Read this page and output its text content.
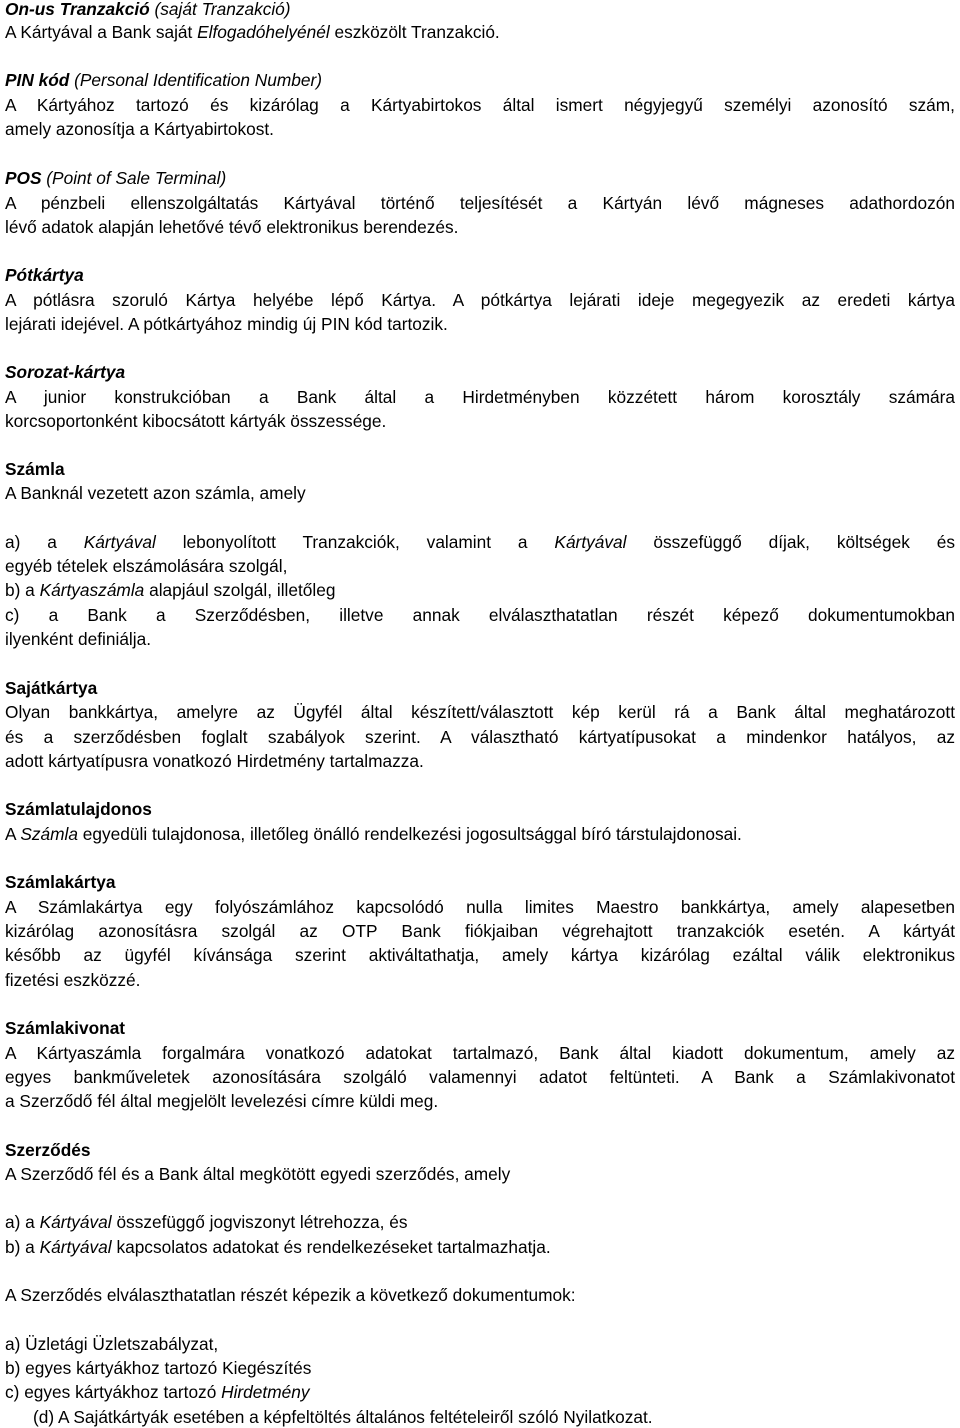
On-us Tranzakció (saját Tranzakció)
A Kártyával a Bank saját Elfogadóhelyénél eszközölt Tranzakció.
PIN kód (Personal Identification Number)
A Kártyához tartozó és kizárólag a Kártyabirtokos által ismert négyjegyű személyi azonosító szám,
amely azonosítja a Kártyabirtokost.
POS (Point of Sale Terminal)
A pénzbeli ellenszolgáltatás Kártyával történő teljesítését a Kártyán lévő mágneses adathordozón
lévő adatok alapján lehetővé tévő elektronikus berendezés.
Pótkártya
A pótlásra szoruló Kártya helyébe lépő Kártya. A pótkártya lejárati ideje megegyezik az eredeti kártya
lejárati idejével. A pótkártyához mindig új PIN kód tartozik.
Sorozat-kártya
A junior konstrukcióban a Bank által a Hirdetményben közzétett három korosztály számára
korcsoportonként kibocsátott kártyák összessége.
Számla
A Banknál vezetett azon számla, amely
a) a Kártyával lebonyolított Tranzakciók, valamint a Kártyával összefüggő díjak, költségek és
egyéb tételek elszámolására szolgál,
b) a Kártyaszámla alapjául szolgál, illetőleg
c) a Bank a Szerződésben, illetve annak elválaszthatatlan részét képező dokumentumokban
ilyenként definiálja.
Sajátkártya
Olyan bankkártya, amelyre az Ügyfél által készített/választott kép kerül rá a Bank által meghatározott
és a szerződésben foglalt szabályok szerint. A választható kártyatípusokat a mindenkor hatályos, az
adott kártyatípusra vonatkozó Hirdetmény tartalmazza.
Számlatulajdonos
A Számla egyedüli tulajdonosa, illetőleg önálló rendelkezési jogosultsággal bíró társtulajdonosai.
Számlakártya
A Számlakártya egy folyószámlához kapcsolódó nulla limites Maestro bankkártya, amely alapesetben
kizárólag azonosításra szolgál az OTP Bank fiókjaiban végrehajtott tranzakciók esetén. A kártyát
később az ügyfél kívánsága szerint aktiváltathatja, amely kártya kizárólag ezáltal válik elektronikus
fizetési eszközzé.
Számlakivonat
A Kártyaszámla forgalmára vonatkozó adatokat tartalmazó, Bank által kiadott dokumentum, amely az
egyes bankműveletek azonosítására szolgáló valamennyi adatot feltünteti. A Bank a Számlakivonatot
a Szerződő fél által megjelölt levelezési címre küldi meg.
Szerződés
A Szerződő fél és a Bank által megkötött egyedi szerződés, amely
a) a Kártyával összefüggő jogviszonyt létrehozza, és
b) a Kártyával kapcsolatos adatokat és rendelkezéseket tartalmazhatja.
A Szerződés elválaszthatatlan részét képezik a következő dokumentumok:
a) Üzletági Üzletszabályzat,
b) egyes kártyákhoz tartozó Kiegészítés
c) egyes kártyákhoz tartozó Hirdetmény
(d) A Sajátkártyák esetében a képfeltöltés általános feltételeiről szóló Nyilatkozat.
